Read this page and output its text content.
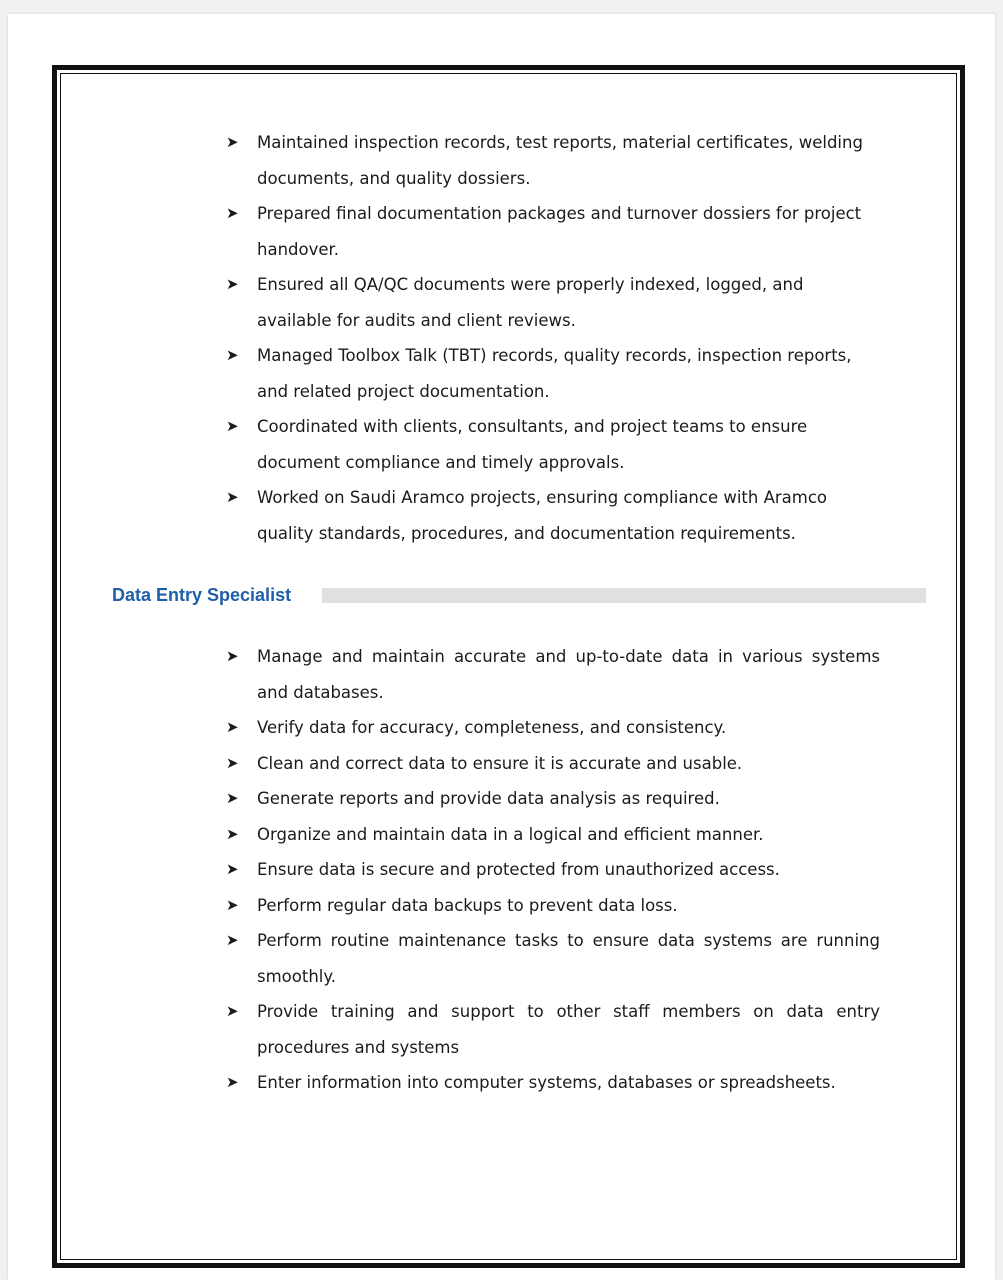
➤ Maintained inspection records, test reports, material certificates, welding documents, and quality dossiers.
➤ Prepared final documentation packages and turnover dossiers for project handover.
➤ Ensured all QA/QC documents were properly indexed, logged, and available for audits and client reviews.
➤ Managed Toolbox Talk (TBT) records, quality records, inspection reports, and related project documentation.
➤ Coordinated with clients, consultants, and project teams to ensure document compliance and timely approvals.
➤ Worked on Saudi Aramco projects, ensuring compliance with Aramco quality standards, procedures, and documentation requirements.
Data Entry Specialist
➤ Manage and maintain accurate and up-to-date data in various systems and databases.
➤ Verify data for accuracy, completeness, and consistency.
➤ Clean and correct data to ensure it is accurate and usable.
➤ Generate reports and provide data analysis as required.
➤ Organize and maintain data in a logical and efficient manner.
➤ Ensure data is secure and protected from unauthorized access.
➤ Perform regular data backups to prevent data loss.
➤ Perform routine maintenance tasks to ensure data systems are running smoothly.
➤ Provide training and support to other staff members on data entry procedures and systems
➤ Enter information into computer systems, databases or spreadsheets.
